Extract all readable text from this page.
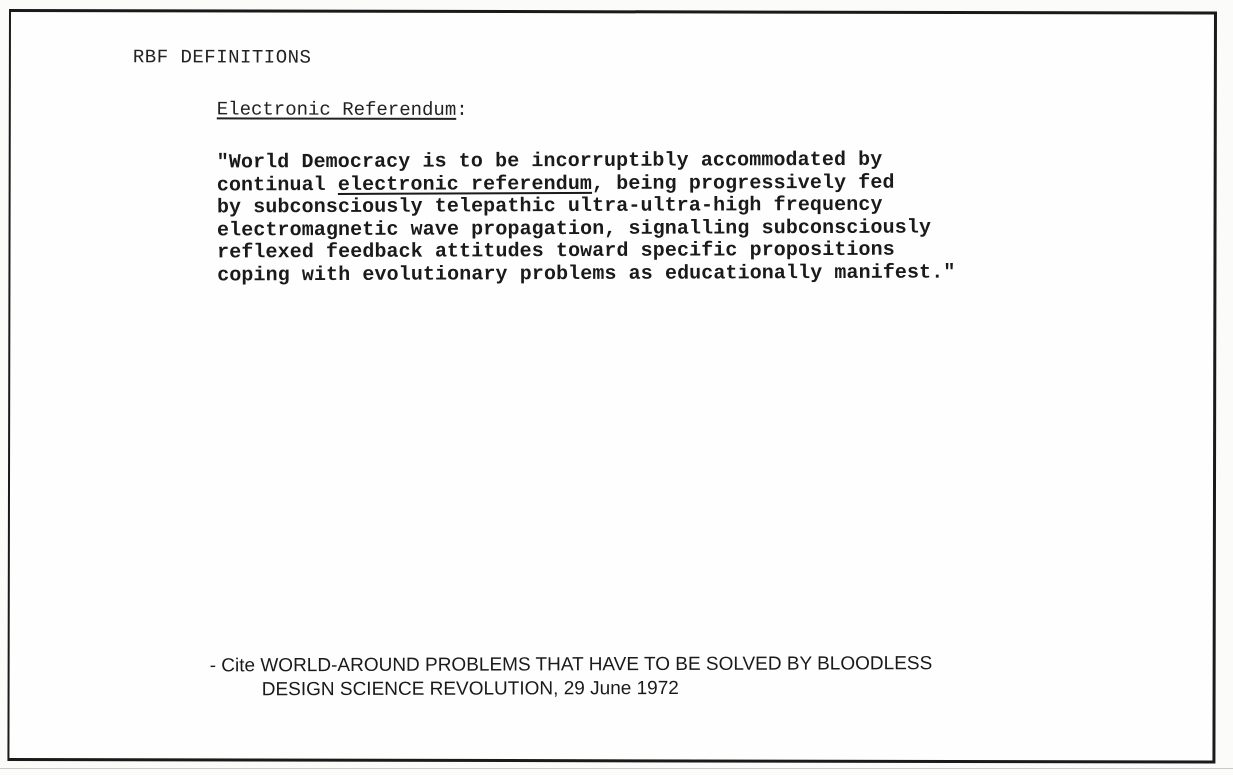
RBF DEFINITIONS
Electronic Referendum:
"World Democracy is to be incorruptibly accommodated by
continual electronic referendum, being progressively fed
by subconsciously telepathic ultra-ultra-high frequency
electromagnetic wave propagation, signalling subconsciously
reflexed feedback attitudes toward specific propositions
coping with evolutionary problems as educationally manifest."
- Cite WORLD-AROUND PROBLEMS THAT HAVE TO BE SOLVED BY BLOODLESS
DESIGN SCIENCE REVOLUTION, 29 June 1972
